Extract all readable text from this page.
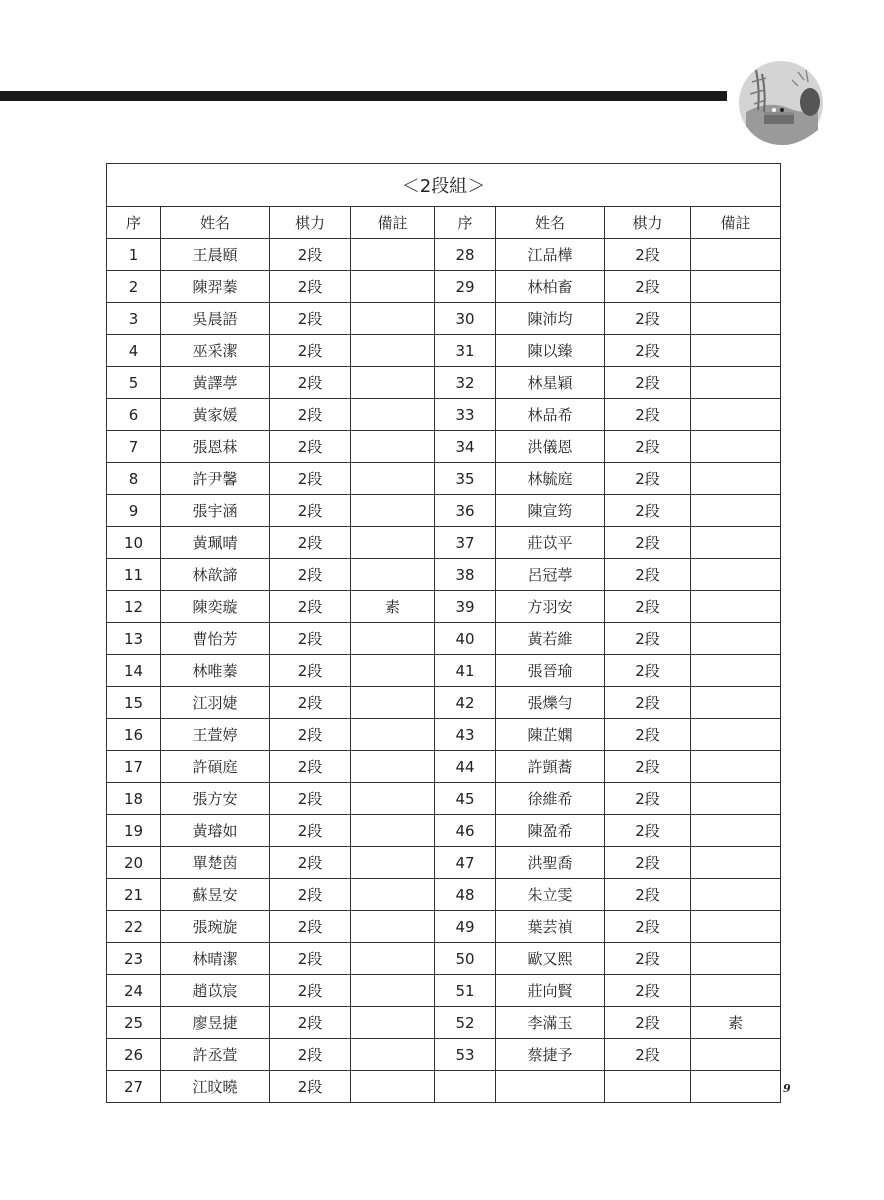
＜2段組＞							
序	姓名	棋力	備註	序	姓名	棋力	備註
1	王晨頤	2段		28	江品樺	2段	
2	陳羿蓁	2段		29	林柏畜	2段	
3	吳晨語	2段		30	陳沛均	2段	
4	巫采潔	2段		31	陳以臻	2段	
5	黃譯葶	2段		32	林星穎	2段	
6	黃家媛	2段		33	林品希	2段	
7	張恩菻	2段		34	洪儀恩	2段	
8	許尹馨	2段		35	林毓庭	2段	
9	張宇涵	2段		36	陳宣筠	2段	
10	黃珮晴	2段		37	莊苡平	2段	
11	林歆諦	2段		38	呂冠葶	2段	
12	陳奕璇	2段	素	39	方羽安	2段	
13	曹怡芳	2段		40	黃若維	2段	
14	林唯蓁	2段		41	張晉瑜	2段	
15	江羽婕	2段		42	張爍勻	2段	
16	王萱婷	2段		43	陳芷嫻	2段	
17	許碩庭	2段		44	許顗蕎	2段	
18	張方安	2段		45	徐維希	2段	
19	黃璿如	2段		46	陳盈希	2段	
20	單楚茵	2段		47	洪聖喬	2段	
21	蘇昱安	2段		48	朱立雯	2段	
22	張琬旋	2段		49	葉芸禎	2段	
23	林晴潔	2段		50	歐又熙	2段	
24	趙苡宸	2段		51	莊向賢	2段	
25	廖昱捷	2段		52	李滿玉	2段	素
26	許丞萱	2段		53	蔡捷予	2段	
27	江旼曉	2段						9
